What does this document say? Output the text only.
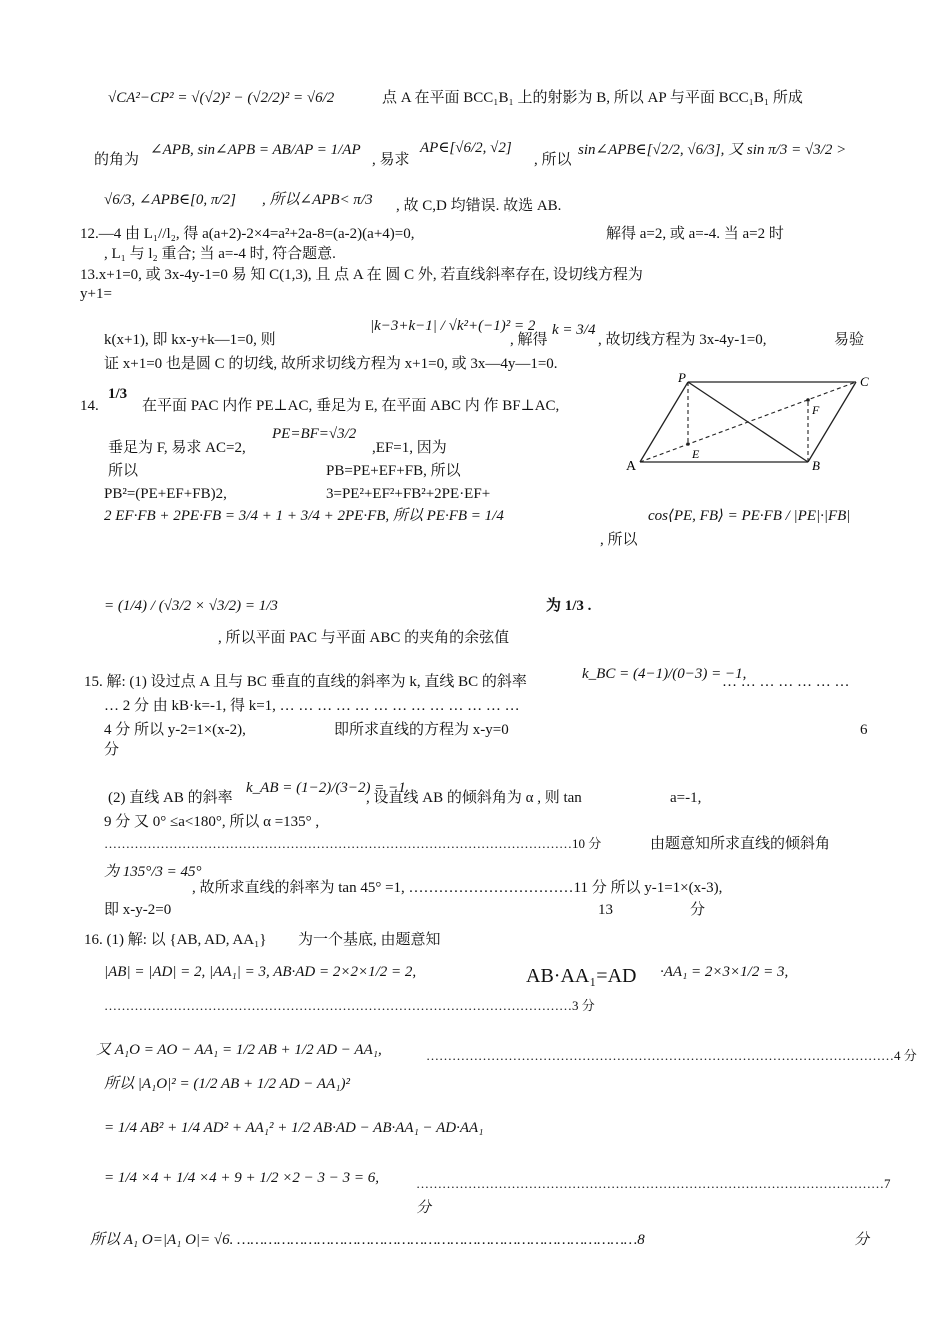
√CA²−CP² = √(√2)² − (√2/2)² = √6/2	点 A 在平面 BCC₁B₁ 上的射影为 B, 所以 AP 与平面 BCC₁B₁ 所成
的角为
∠APB, sin∠APB = AB/AP = 1/AP
, 易求
AP∈[√6/2, √2]
, 所以
sin∠APB∈[√2/2, √6/3], 又 sin π/3 = √3/2 >
√6/3, ∠APB∈[0, π/2] , 所以∠APB< π/3 , 故 C,D 均错误. 故选 AB.
12.—4 由 L₁//l₂, 得 a(a+2)-2×4=a²+2a-8=(a-2)(a+4)=0,	解得 a=2, 或 a=-4. 当 a=2 时
, L₁ 与 l₂ 重合; 当 a=-4 时, 符合题意.
13.x+1=0, 或 3x-4y-1=0 易 知 C(1,3), 且 点 A 在 圆 C 外, 若直线斜率存在, 设切线方程为
y+1=
k(x+1), 即 kx-y+k—1=0, 则
|k−3+k−1| / √k²+(−1)² = 2
, 解得
k = 3/4
, 故切线方程为 3x-4y-1=0,	易验
证 x+1=0 也是圆 C 的切线, 故所求切线方程为 x+1=0, 或 3x—4y—1=0.
14.
1/3
在平面 PAC 内作 PE⊥AC, 垂足为 E, 在平面 ABC 内 作 BF⊥AC,
垂足为 F, 易求 AC=2,
PE=BF=√3/2
,EF=1, 因为
所以	PB=PE+EF+FB, 所以
PB²=(PE+EF+FB)2,	3=PE²+EF²+FB²+2PE·EF+
2 EF·FB + 2PE·FB = 3/4 + 1 + 3/4 + 2PE·FB, 所以 PE·FB = 1/4	cos⟨PE, FB⟩ = PE·FB / |PE|·|FB|
, 所以
= (1/4) / (√3/2 × √3/2) = 1/3	为 1/3 .
, 所以平面 PAC 与平面 ABC 的夹角的余弦值
P	C
A	B
E
F
15. 解: (1) 设过点 A 且与 BC 垂直的直线的斜率为 k, 直线 BC 的斜率	k_BC = (4−1)/(0−3) = −1,
… … … … … … …
… 2 分 由 kB·k=-1, 得 k=1, … … … … … … … … … … … … …
4 分 所以 y-2=1×(x-2),	即所求直线的方程为 x-y=0	6
分
(2) 直线 AB 的斜率
k_AB = (1−2)/(3−2) = −1
, 设直线 AB 的倾斜角为 α , 则 tan	a=-1,
9 分 又 0° ≤a<180°, 所以 α =135° ,
………………………………………………………………………………………………10 分	由题意知所求直线的倾斜角
为 135°/3 = 45°
, 故所求直线的斜率为 tan 45° =1, ……………………………11 分 所以 y-1=1×(x-3),
即 x-y-2=0	13	分
16. (1) 解: 以 {AB, AD, AA₁} 为一个基底, 由题意知
|AB| = |AD| = 2, |AA₁| = 3, AB·AD = 2×2×1/2 = 2,	AB·AA₁=AD ·AA₁ = 2×3×1/2 = 3,
………………………………………………………………………………………………3 分
又 A₁O = AO − AA₁ = 1/2 AB + 1/2 AD − AA₁,	………………………………………………………………………………………………4 分
所以 |A₁O|² = (1/2 AB + 1/2 AD − AA₁)²
= 1/4 AB² + 1/4 AD² + AA₁² + 1/2 AB·AD − AB·AA₁ − AD·AA₁
= 1/4 ×4 + 1/4 ×4 + 9 + 1/2 ×2 − 3 − 3 = 6,	………………………………………………………………………………………………7
分
所以 A₁ O=|A₁ O|= √6. ………………………………………………………………………………8	分
